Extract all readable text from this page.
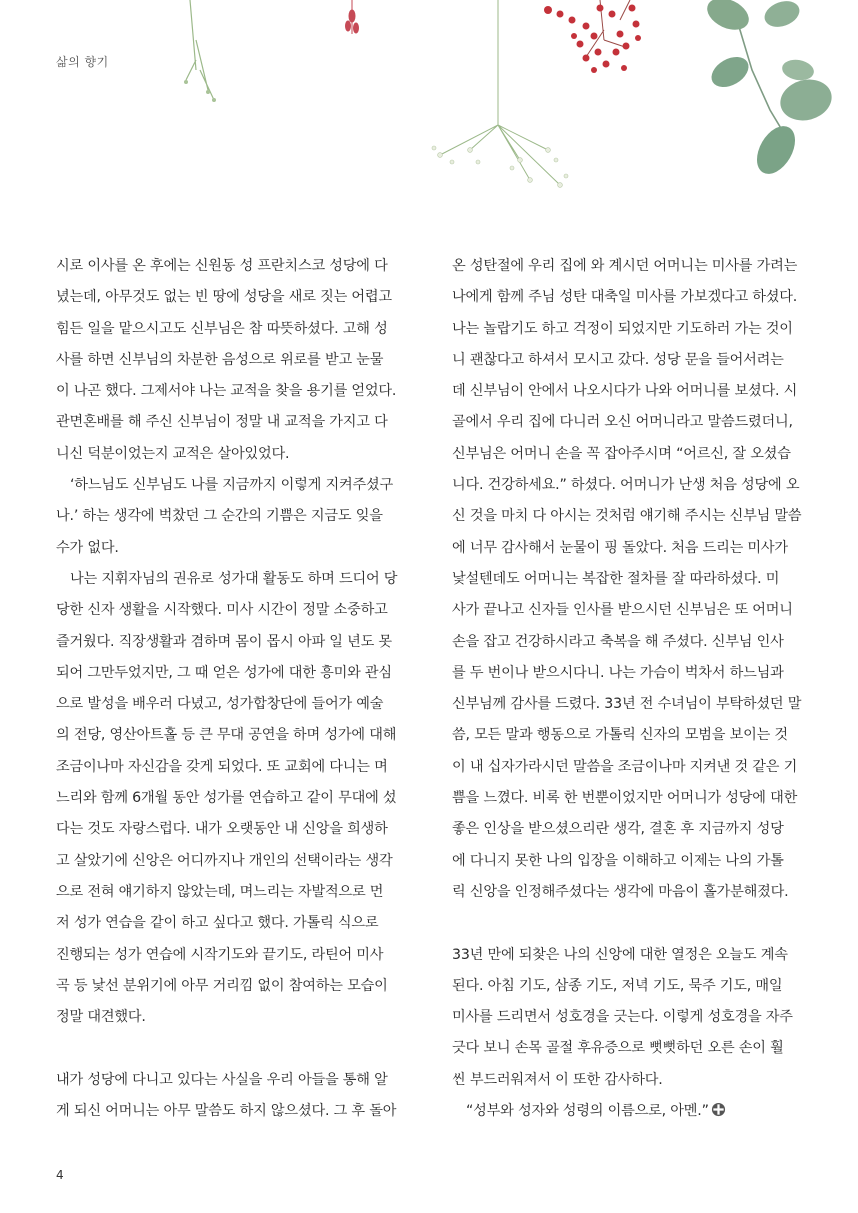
삶의 향기
시로 이사를 온 후에는 신원동 성 프란치스코 성당에 다
녔는데, 아무것도 없는 빈 땅에 성당을 새로 짓는 어렵고
힘든 일을 맡으시고도 신부님은 참 따뜻하셨다. 고해 성
사를 하면 신부님의 차분한 음성으로 위로를 받고 눈물
이 나곤 했다. 그제서야 나는 교적을 찾을 용기를 얻었다.
관면혼배를 해 주신 신부님이 정말 내 교적을 가지고 다
니신 덕분이었는지 교적은 살아있었다.
‘하느님도 신부님도 나를 지금까지 이렇게 지켜주셨구
나.’ 하는 생각에 벅찼던 그 순간의 기쁨은 지금도 잊을
수가 없다.
나는 지휘자님의 권유로 성가대 활동도 하며 드디어 당
당한 신자 생활을 시작했다. 미사 시간이 정말 소중하고
즐거웠다. 직장생활과 겸하며 몸이 몹시 아파 일 년도 못
되어 그만두었지만, 그 때 얻은 성가에 대한 흥미와 관심
으로 발성을 배우러 다녔고, 성가합창단에 들어가 예술
의 전당, 영산아트홀 등 큰 무대 공연을 하며 성가에 대해
조금이나마 자신감을 갖게 되었다. 또 교회에 다니는 며
느리와 함께 6개월 동안 성가를 연습하고 같이 무대에 섰
다는 것도 자랑스럽다. 내가 오랫동안 내 신앙을 희생하
고 살았기에 신앙은 어디까지나 개인의 선택이라는 생각
으로 전혀 얘기하지 않았는데, 며느리는 자발적으로 먼
저 성가 연습을 같이 하고 싶다고 했다. 가톨릭 식으로
진행되는 성가 연습에 시작기도와 끝기도, 라틴어 미사
곡 등 낯선 분위기에 아무 거리낌 없이 참여하는 모습이
정말 대견했다.
내가 성당에 다니고 있다는 사실을 우리 아들을 통해 알
게 되신 어머니는 아무 말씀도 하지 않으셨다. 그 후 돌아
온 성탄절에 우리 집에 와 계시던 어머니는 미사를 가려는
나에게 함께 주님 성탄 대축일 미사를 가보겠다고 하셨다.
나는 놀랍기도 하고 걱정이 되었지만 기도하러 가는 것이
니 괜찮다고 하셔서 모시고 갔다. 성당 문을 들어서려는
데 신부님이 안에서 나오시다가 나와 어머니를 보셨다. 시
골에서 우리 집에 다니러 오신 어머니라고 말씀드렸더니,
신부님은 어머니 손을 꼭 잡아주시며 “어르신, 잘 오셨습
니다. 건강하세요.” 하셨다. 어머니가 난생 처음 성당에 오
신 것을 마치 다 아시는 것처럼 얘기해 주시는 신부님 말씀
에 너무 감사해서 눈물이 핑 돌았다. 처음 드리는 미사가
낯설텐데도 어머니는 복잡한 절차를 잘 따라하셨다. 미
사가 끝나고 신자들 인사를 받으시던 신부님은 또 어머니
손을 잡고 건강하시라고 축복을 해 주셨다. 신부님 인사
를 두 번이나 받으시다니. 나는 가슴이 벅차서 하느님과
신부님께 감사를 드렸다. 33년 전 수녀님이 부탁하셨던 말
씀, 모든 말과 행동으로 가톨릭 신자의 모범을 보이는 것
이 내 십자가라시던 말씀을 조금이나마 지켜낸 것 같은 기
쁨을 느꼈다. 비록 한 번뿐이었지만 어머니가 성당에 대한
좋은 인상을 받으셨으리란 생각, 결혼 후 지금까지 성당
에 다니지 못한 나의 입장을 이해하고 이제는 나의 가톨
릭 신앙을 인정해주셨다는 생각에 마음이 홀가분해졌다.
33년 만에 되찾은 나의 신앙에 대한 열정은 오늘도 계속
된다. 아침 기도, 삼종 기도, 저녁 기도, 묵주 기도, 매일
미사를 드리면서 성호경을 긋는다. 이렇게 성호경을 자주
긋다 보니 손목 골절 후유증으로 뻣뻣하던 오른 손이 훨
씬 부드러워져서 이 또한 감사하다.
“성부와 성자와 성령의 이름으로, 아멘.”
4
